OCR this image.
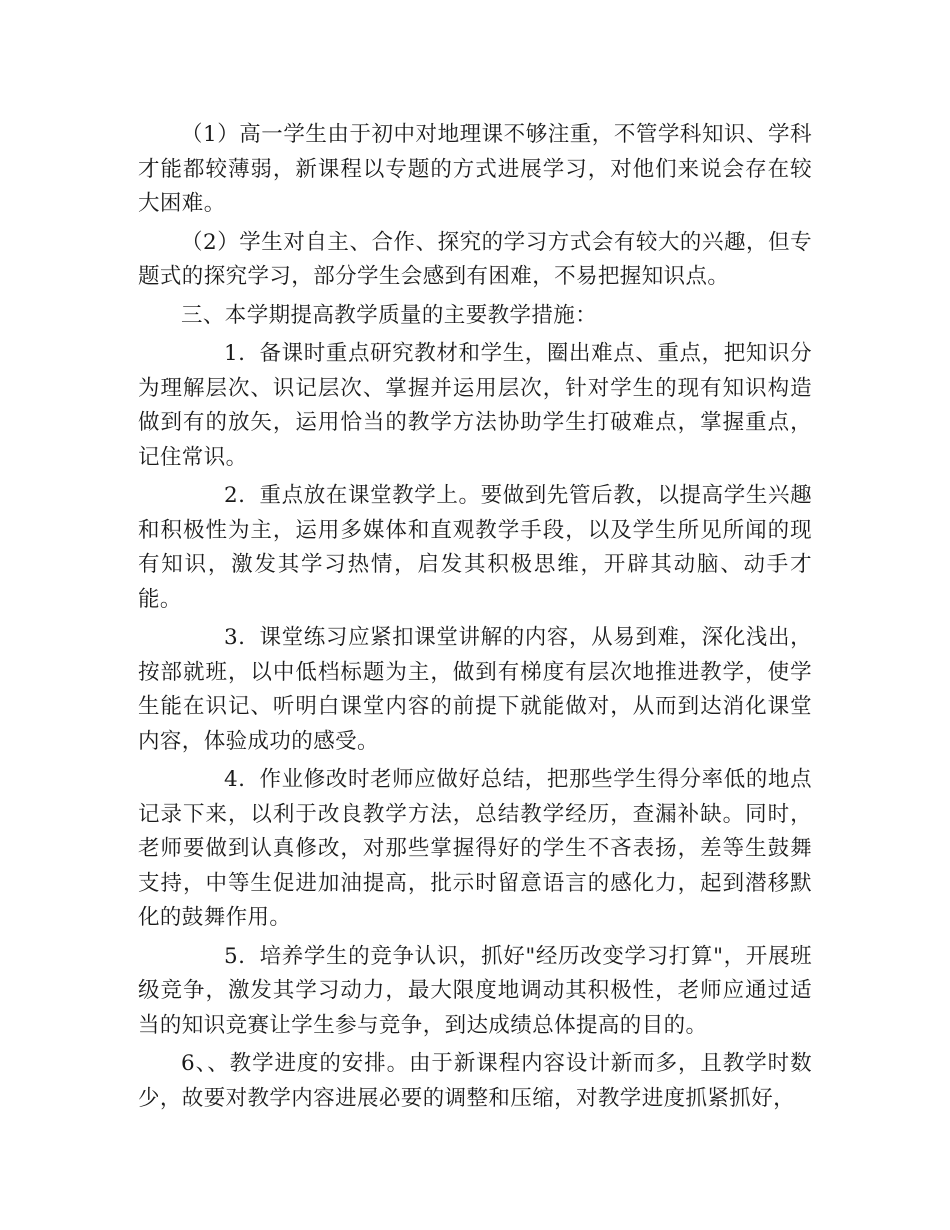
（1）高一学生由于初中对地理课不够注重，不管学科知识、学科才能都较薄弱，新课程以专题的方式进展学习，对他们来说会存在较大困难。

（2）学生对自主、合作、探究的学习方式会有较大的兴趣，但专题式的探究学习，部分学生会感到有困难，不易把握知识点。

三、本学期提高教学质量的主要教学措施：

1. 备课时重点研究教材和学生，圈出难点、重点，把知识分为理解层次、识记层次、掌握并运用层次，针对学生的现有知识构造做到有的放矢，运用恰当的教学方法协助学生打破难点，掌握重点，记住常识。

2. 重点放在课堂教学上。要做到先管后教，以提高学生兴趣和积极性为主，运用多媒体和直观教学手段，以及学生所见所闻的现有知识，激发其学习热情，启发其积极思维，开辟其动脑、动手才能。

3. 课堂练习应紧扣课堂讲解的内容，从易到难，深化浅出，按部就班，以中低档标题为主，做到有梯度有层次地推进教学，使学生能在识记、听明白课堂内容的前提下就能做对，从而到达消化课堂内容，体验成功的感受。

4. 作业修改时老师应做好总结，把那些学生得分率低的地点记录下来，以利于改良教学方法，总结教学经历，查漏补缺。同时，老师要做到认真修改，对那些掌握得好的学生不吝表扬，差等生鼓舞支持，中等生促进加油提高，批示时留意语言的感化力，起到潜移默化的鼓舞作用。

5. 培养学生的竞争认识，抓好"经历改变学习打算"，开展班级竞争，激发其学习动力，最大限度地调动其积极性，老师应通过适当的知识竞赛让学生参与竞争，到达成绩总体提高的目的。

6、、教学进度的安排。由于新课程内容设计新而多，且教学时数少，故要对教学内容进展必要的调整和压缩，对教学进度抓紧抓好，
